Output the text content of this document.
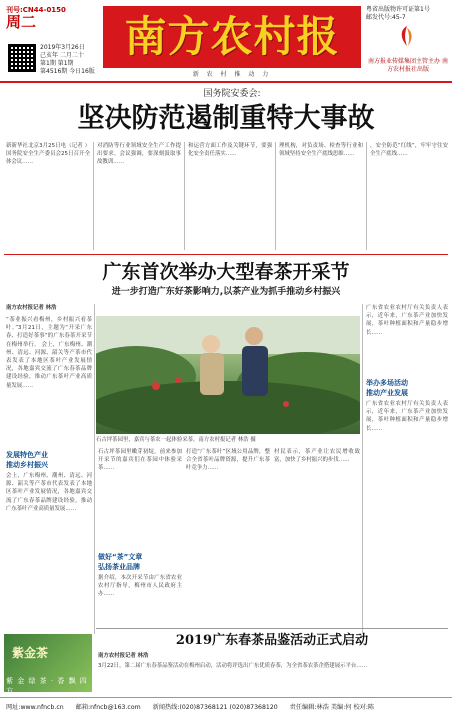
刊号:CN44-0150
周二
2019年3月26日
己亥年 二月二十
第1期 第1期
第4516期 今日16版
南方农村报
新 农 村 推 动 力
粤省出版物许可证第1号
邮发代号:45-7
南方报业传媒集团主管主办 南方农村报社出版
国务院安委会:
坚决防范遏制重特大事故
新新华社北京3月25日电（记者 ）国务院安全生产委员会25日召开全体会议……
对消防等行业领域安全生产工作提出要求。会议强调，要深刻汲取事故教训……
和运营方面工作及关键环节，要强化安全责任落实……
理机构，对负责场、检查等行业和领域坚持安全生产底线思维……
，安全防范“红线”，牢牢守住安全生产底线……
广东首次举办大型春茶开采节
进一步打造广东好茶影响力,以茶产业为抓手推动乡村振兴
南方农村报记者 林浩
“茶业振兴看梅州，乡村振兴看茶叶。”3月21日，主题为“开采广东春、打造好茶事”的广东春茶开采节在梅州举行。 会上，广东梅州、潮州、清远、河源、韶关等产茶市代表发表了本地区茶叶产业发展情况，各地嘉宾交流了广东春茶品牌建设经验，推动广东茶叶产业高质量发展……
发展特色产业
推动乡村振兴
会上，广东梅州、潮州、清远、河源、韶关等产茶市代表发表了本地区茶叶产业发展情况，各地嘉宾交流了广东春茶品牌建设经验，推动广东茶叶产业高质量发展……
石古坪茶园里，嘉宾与茶农一起体验采茶。南方农村报记者 林浩 摄
广东省农业农村厅有关负责人表示，近年来，广东茶产业加快发展，茶叶种植面积和产量稳步增长……
举办多场活动
推动产业发展
广东省农业农村厅有关负责人表示，近年来，广东茶产业加快发展，茶叶种植面积和产量稳步增长……
石古坪茶园里嫩芽初绽，前来参加开采节的嘉宾们在茶园中体验采茶……
打造“广东茶叶”区域公用品牌，整合全省茶叶品牌资源，提升广东茶叶竞争力……
村民表示，茶产业让农民增收致富，加快了乡村振兴的步伐……
做好“茶”文章
弘扬茶业品牌
据介绍，本次开采节由广东省农业农村厅指导，梅州市人民政府主办……
2019广东春茶品鉴活动正式启动
南方农村报记者 林浩
3月22日，第二届广东春茶品鉴活动在梅州启动，活动将评选出广东优质春茶，为全省茶农茶企搭建展示平台……
紫金茶
紫 金 绿 茶 · 香 飘 四 方
网址:www.nfncb.cn 邮箱:nfncb@163.com 新闻热线:(020)87368121 (020)87368120 责任编辑:林浩 美编:何 校对:陈
